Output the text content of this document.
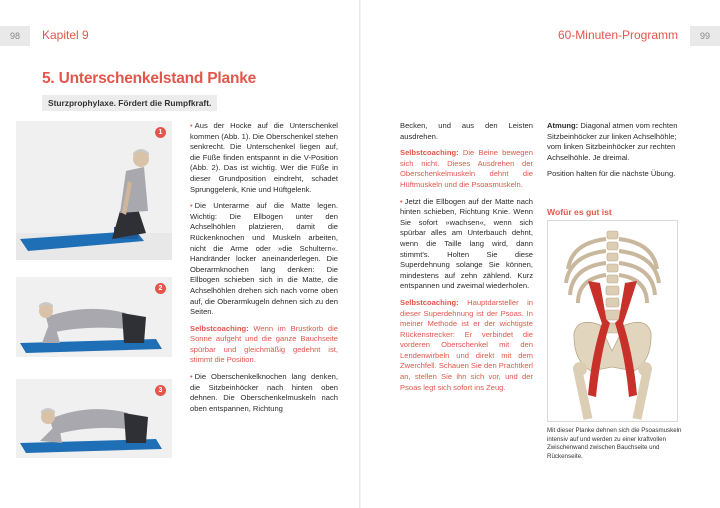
98 Kapitel 9	60-Minuten-Programm 99
5. Unterschenkelstand Planke
Sturzprophylaxe. Fördert die Rumpfkraft.
1
2
3

• Aus der Hocke auf die Unterschenkel kommen (Abb. 1). Die Oberschenkel stehen senkrecht. Die Unterschenkel liegen auf, die Füße finden entspannt in die V-Position (Abb. 2). Das ist wichtig. Wer die Füße in dieser Grundposition eindreht, schadet Sprunggelenk, Knie und Hüftgelenk.

• Die Unterarme auf die Matte legen. Wichtig: Die Ellbogen unter den Achselhöhlen platzieren, damit die Rückenknochen und Muskeln arbeiten, nicht die Arme oder »die Schultern«. Handränder locker aneinanderlegen. Die Oberarmknochen lang denken: Die Ellbogen schieben sich in die Matte, die Achselhöhlen drehen sich nach vorne oben auf, die Oberarmkugeln dehnen sich zu den Seiten.

Selbstcoaching: Wenn im Brustkorb die Sonne aufgeht und die ganze Bauchseite spürbar und gleichmäßig gedehnt ist, stimmt die Position.

• Die Oberschenkelknochen lang denken, die Sitzbeinhöcker nach hinten oben dehnen. Die Oberschenkelmuskeln nach oben entspannen, Richtung

Becken, und aus den Leisten ausdrehen.

Selbstcoaching: Die Beine bewegen sich nicht. Dieses Ausdrehen der Oberschenkelmuskeln dehnt die Hüftmuskeln und die Psoasmuskeln.

• Jetzt die Ellbogen auf der Matte nach hinten schieben, Richtung Knie. Wenn Sie sofort »wachsen«, wenn sich spürbar alles am Unterbauch dehnt, wenn die Taille lang wird, dann stimmt's. Holten Sie diese Superdehnung solange Sie können, mindestens auf zehn zählend. Kurz entspannen und zweimal wiederholen.

Selbstcoaching: Hauptdarsteller in dieser Superdehnung ist der Psoas. In meiner Methode ist er der wichtigste Rückenstrecker: Er verbindet die vorderen Oberschenkel mit den Lendenwirbeln und direkt mit dem Zwerchfell. Schauen Sie den Prachtkerl an, stellen Sie ihn sich vor, und der Psoas legt sich sofort ins Zeug.

Atmung: Diagonal atmen vom rechten Sitzbeinhöcker zur linken Achselhöhle; vom linken Sitzbeinhöcker zur rechten Achselhöhle. Je dreimal.

Position halten für die nächste Übung.

Wofür es gut ist
Mit dieser Planke dehnen sich die Psoasmuskeln intensiv auf und werden zu einer kraftvollen Zwischenwand zwischen Bauchseite und Rückenseite.
